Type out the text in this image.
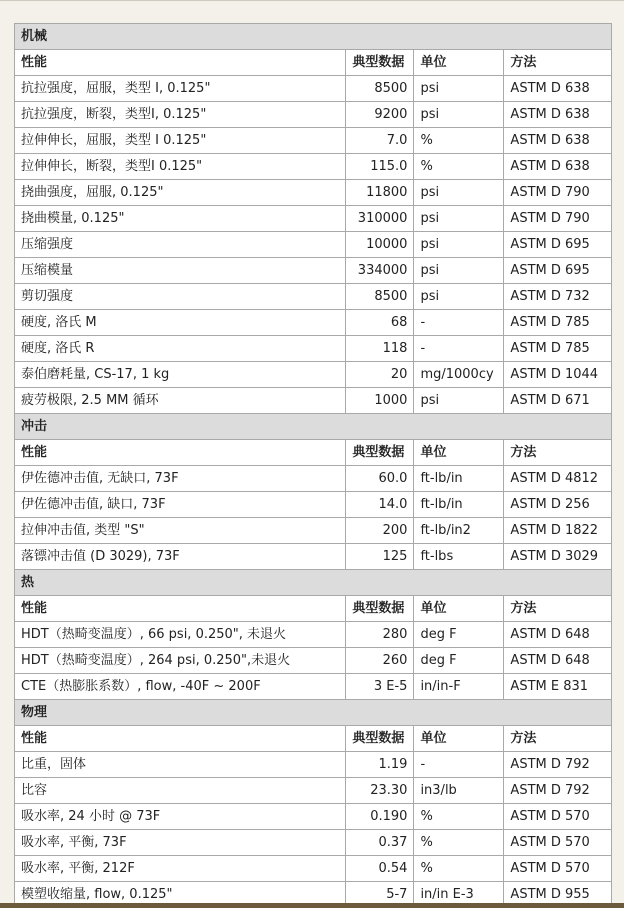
机械			
性能	典型数据	单位	方法
抗拉强度，屈服，类型 I, 0.125"	8500	psi	ASTM D 638
抗拉强度，断裂，类型I, 0.125"	9200	psi	ASTM D 638
拉伸伸长，屈服，类型 I 0.125"	7.0	%	ASTM D 638
拉伸伸长，断裂，类型I 0.125"	115.0	%	ASTM D 638
挠曲强度，屈服, 0.125"	11800	psi	ASTM D 790
挠曲模量, 0.125"	310000	psi	ASTM D 790
压缩强度	10000	psi	ASTM D 695
压缩模量	334000	psi	ASTM D 695
剪切强度	8500	psi	ASTM D 732
硬度, 洛氏 M	68	-	ASTM D 785
硬度, 洛氏 R	118	-	ASTM D 785
泰伯磨耗量, CS-17, 1 kg	20	mg/1000cy	ASTM D 1044
疲劳极限, 2.5 MM 循环	1000	psi	ASTM D 671
冲击			
性能	典型数据	单位	方法
伊佐德冲击值, 无缺口, 73F	60.0	ft-lb/in	ASTM D 4812
伊佐德冲击值, 缺口, 73F	14.0	ft-lb/in	ASTM D 256
拉伸冲击值, 类型 "S"	200	ft-lb/in2	ASTM D 1822
落镖冲击值 (D 3029), 73F	125	ft-lbs	ASTM D 3029
热			
性能	典型数据	单位	方法
HDT（热畸变温度）, 66 psi, 0.250", 未退火	280	deg F	ASTM D 648
HDT（热畸变温度）, 264 psi, 0.250",未退火	260	deg F	ASTM D 648
CTE（热膨胀系数）, flow, -40F ~ 200F	3 E-5	in/in-F	ASTM E 831
物理			
性能	典型数据	单位	方法
比重，固体	1.19	-	ASTM D 792
比容	23.30	in3/lb	ASTM D 792
吸水率, 24 小时 @ 73F	0.190	%	ASTM D 570
吸水率, 平衡, 73F	0.37	%	ASTM D 570
吸水率, 平衡, 212F	0.54	%	ASTM D 570
模塑收缩量, flow, 0.125"	5-7	in/in E-3	ASTM D 955
